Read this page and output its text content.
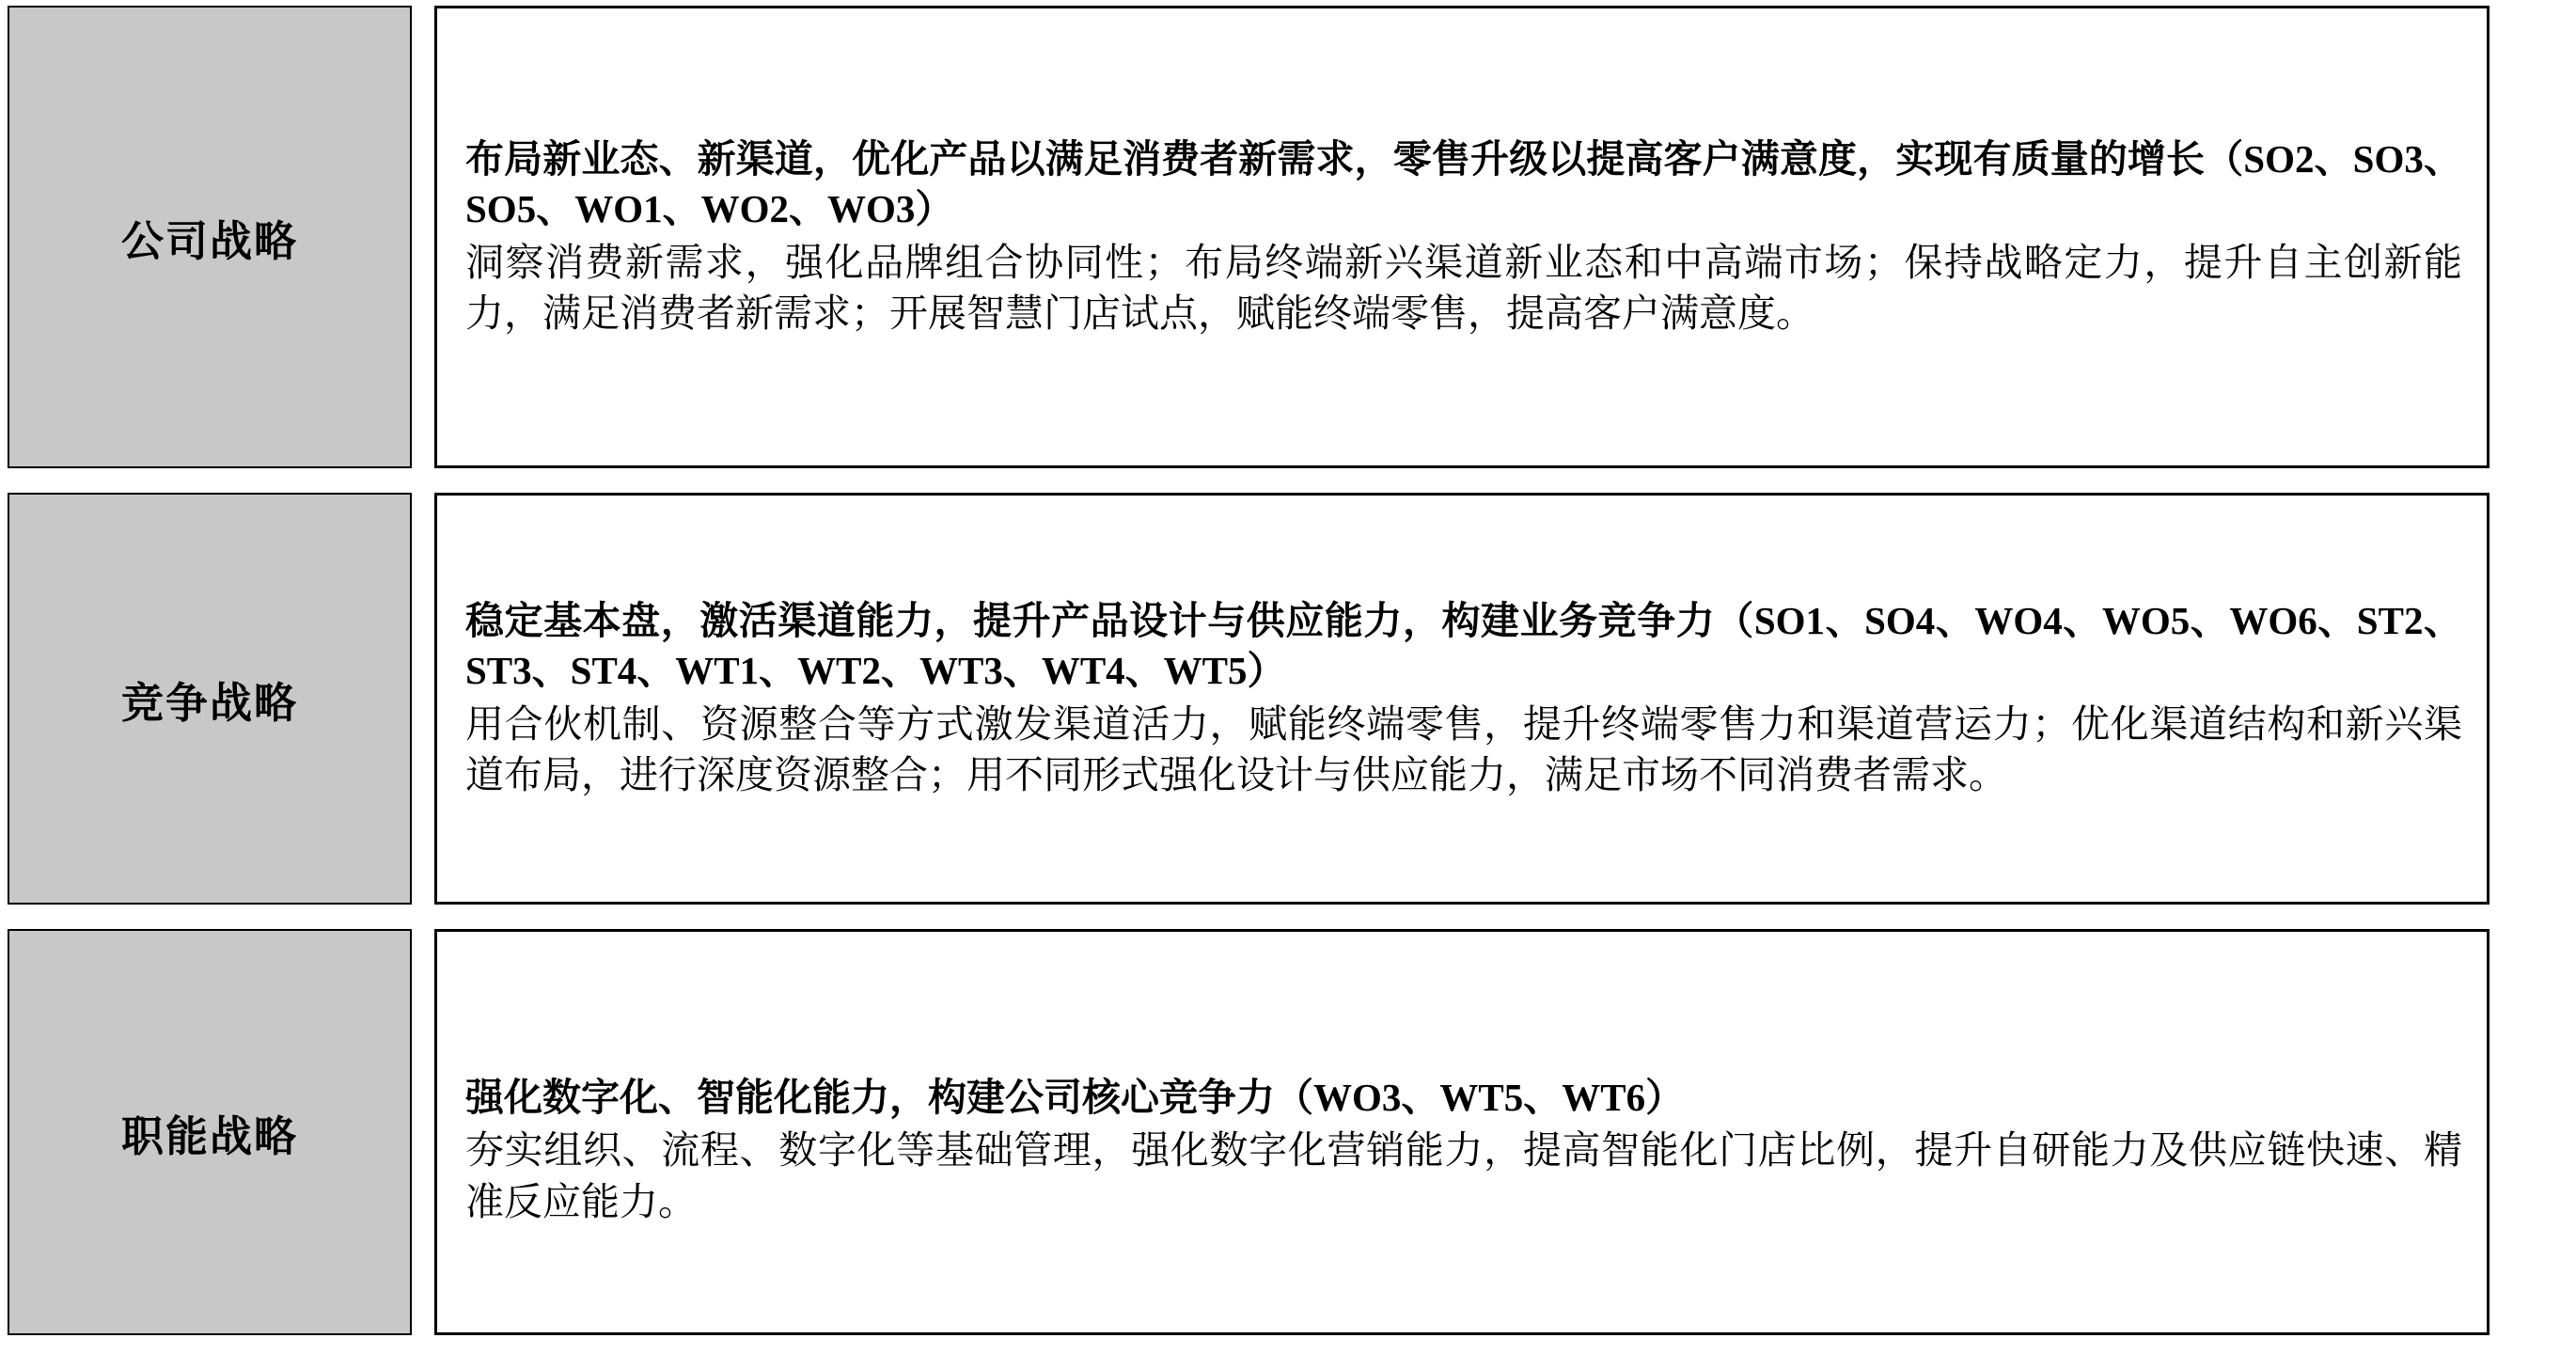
公司战略
布局新业态、新渠道，优化产品以满足消费者新需求，零售升级以提高客户满意度，实现有质量的增长（SO2、SO3、SO5、WO1、WO2、WO3）
洞察消费新需求，强化品牌组合协同性；布局终端新兴渠道新业态和中高端市场；保持战略定力，提升自主创新能力，满足消费者新需求；开展智慧门店试点，赋能终端零售，提高客户满意度。
竞争战略
稳定基本盘，激活渠道能力，提升产品设计与供应能力，构建业务竞争力（SO1、SO4、WO4、WO5、WO6、ST2、ST3、ST4、WT1、WT2、WT3、WT4、WT5）
用合伙机制、资源整合等方式激发渠道活力，赋能终端零售，提升终端零售力和渠道营运力；优化渠道结构和新兴渠道布局，进行深度资源整合；用不同形式强化设计与供应能力，满足市场不同消费者需求。
职能战略
强化数字化、智能化能力，构建公司核心竞争力（WO3、WT5、WT6）
夯实组织、流程、数字化等基础管理，强化数字化营销能力，提高智能化门店比例，提升自研能力及供应链快速、精准反应能力。
